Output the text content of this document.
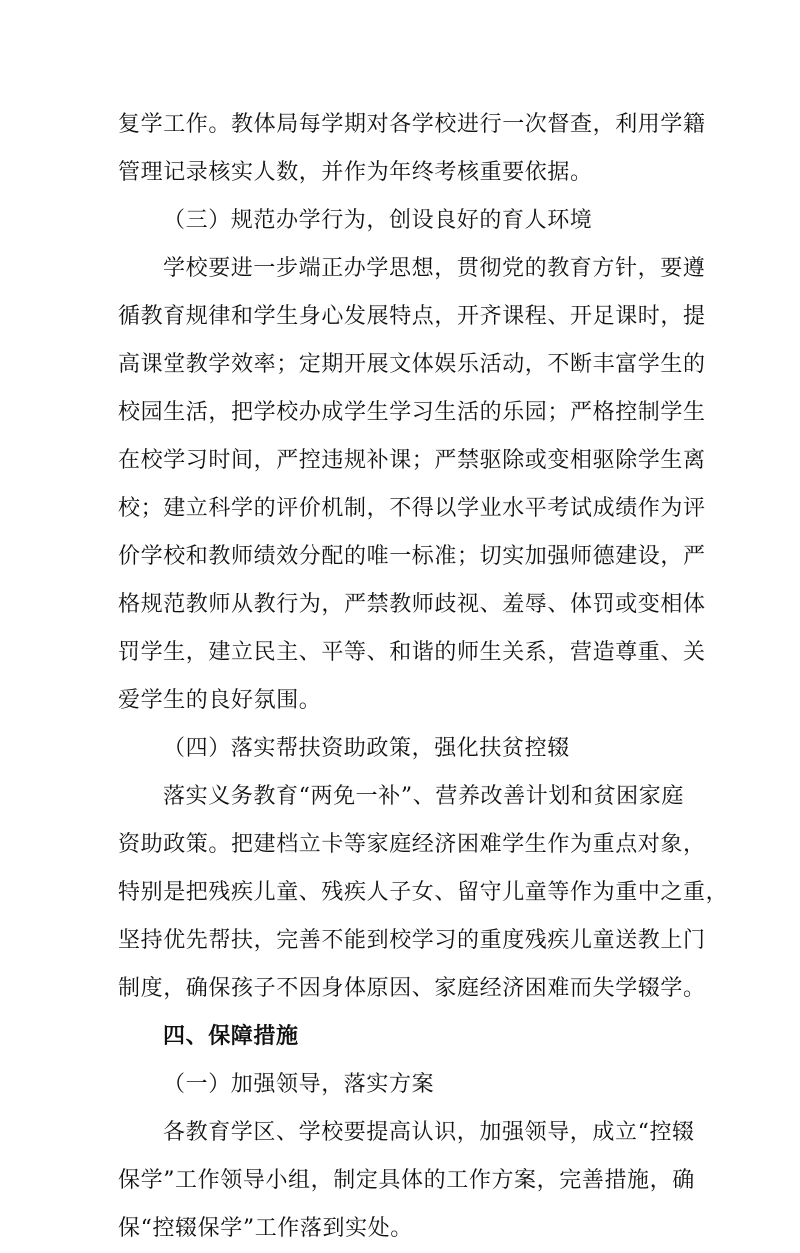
复学工作。教体局每学期对各学校进行一次督查，利用学籍
管理记录核实人数，并作为年终考核重要依据。
（三）规范办学行为，创设良好的育人环境
学校要进一步端正办学思想，贯彻党的教育方针，要遵
循教育规律和学生身心发展特点，开齐课程、开足课时，提
高课堂教学效率；定期开展文体娱乐活动，不断丰富学生的
校园生活，把学校办成学生学习生活的乐园；严格控制学生
在校学习时间，严控违规补课；严禁驱除或变相驱除学生离
校；建立科学的评价机制，不得以学业水平考试成绩作为评
价学校和教师绩效分配的唯一标准；切实加强师德建设，严
格规范教师从教行为，严禁教师歧视、羞辱、体罚或变相体
罚学生，建立民主、平等、和谐的师生关系，营造尊重、关
爱学生的良好氛围。
（四）落实帮扶资助政策，强化扶贫控辍
落实义务教育“两免一补”、营养改善计划和贫困家庭
资助政策。把建档立卡等家庭经济困难学生作为重点对象，
特别是把残疾儿童、残疾人子女、留守儿童等作为重中之重，
坚持优先帮扶，完善不能到校学习的重度残疾儿童送教上门
制度，确保孩子不因身体原因、家庭经济困难而失学辍学。
四、保障措施
（一）加强领导，落实方案
各教育学区、学校要提高认识，加强领导，成立“控辍
保学”工作领导小组，制定具体的工作方案，完善措施，确
保“控辍保学”工作落到实处。
